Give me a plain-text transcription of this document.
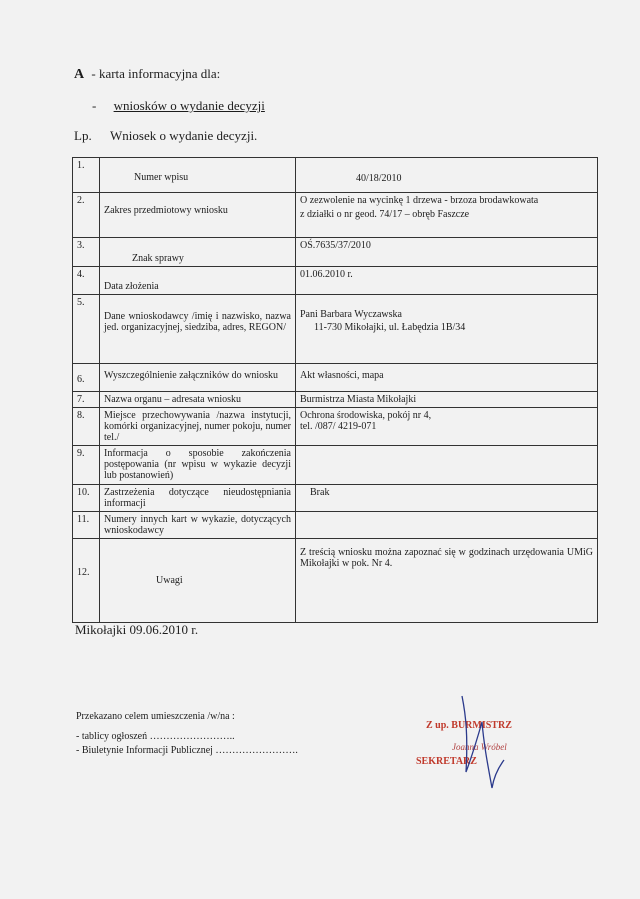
A - karta informacyjna dla:
- wniosków o wydanie decyzji
Lp. Wniosek o wydanie decyzji.
1.	Numer wpisu	40/18/2010

2.	Zakres przedmiotowy wniosku	O zezwolenie na wycinkę 1 drzewa - brzoza brodawkowata
z działki o nr geod. 74/17 – obręb Faszcze

3.	Znak sprawy	OŚ.7635/37/2010

4.	Data złożenia	01.06.2010 r.

5.	Dane wnioskodawcy /imię i nazwisko, nazwa jed. organizacyjnej, siedziba, adres, REGON/	Pani Barbara Wyczawska
11-730 Mikołajki, ul. Łabędzia 1B/34

6.	Wyszczególnienie załączników do wniosku	Akt własności, mapa

7.	Nazwa organu – adresata wniosku	Burmistrza Miasta Mikołajki
8.	Miejsce przechowywania /nazwa instytucji, komórki organizacyjnej, numer pokoju, numer tel./	Ochrona środowiska, pokój nr 4,
tel. /087/ 4219-071

9.	Informacja o sposobie zakończenia postępowania (nr wpisu w wykazie decyzji lub postanowień)	
10.	Zastrzeżenia dotyczące nieudostępniania informacji	Brak

11.	Numery innych kart w wykazie, dotyczących wnioskodawcy	

12.	Uwagi	Z treścią wniosku można zapoznać się w godzinach urzędowania UMiG Mikołajki w pok. Nr 4.
Mikołajki 09.06.2010 r.
Przekazano celem umieszczenia /w/na :
- tablicy ogłoszeń ……………………..
- Biuletynie Informacji Publicznej …………………….
Z up. BURMISTRZ
Joanna Wróbel
SEKRETARZ
